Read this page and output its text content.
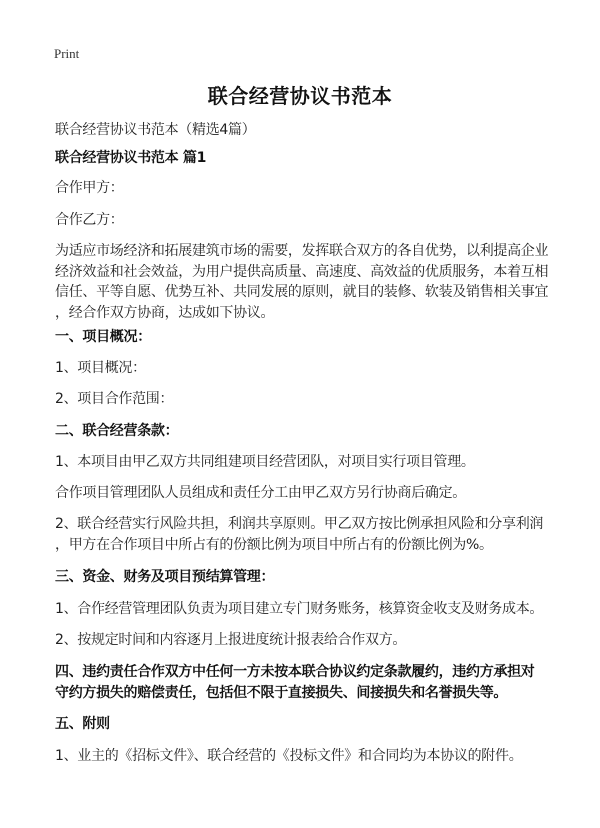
Print
联合经营协议书范本
联合经营协议书范本（精选4篇）
联合经营协议书范本 篇1
合作甲方：
合作乙方：
为适应市场经济和拓展建筑市场的需要，发挥联合双方的各自优势，以利提高企业
经济效益和社会效益，为用户提供高质量、高速度、高效益的优质服务，本着互相
信任、平等自愿、优势互补、共同发展的原则，就目的装修、软装及销售相关事宜
，经合作双方协商，达成如下协议。
一、项目概况：
1、项目概况：
2、项目合作范围：
二、联合经营条款：
1、本项目由甲乙双方共同组建项目经营团队，对项目实行项目管理。
合作项目管理团队人员组成和责任分工由甲乙双方另行协商后确定。
2、联合经营实行风险共担，利润共享原则。甲乙双方按比例承担风险和分享利润
，甲方在合作项目中所占有的份额比例为项目中所占有的份额比例为%。
三、资金、财务及项目预结算管理：
1、合作经营管理团队负责为项目建立专门财务账务，核算资金收支及财务成本。
2、按规定时间和内容逐月上报进度统计报表给合作双方。
四、违约责任合作双方中任何一方未按本联合协议约定条款履约，违约方承担对
守约方损失的赔偿责任，包括但不限于直接损失、间接损失和名誉损失等。
五、附则
1、业主的《招标文件》、联合经营的《投标文件》和合同均为本协议的附件。
